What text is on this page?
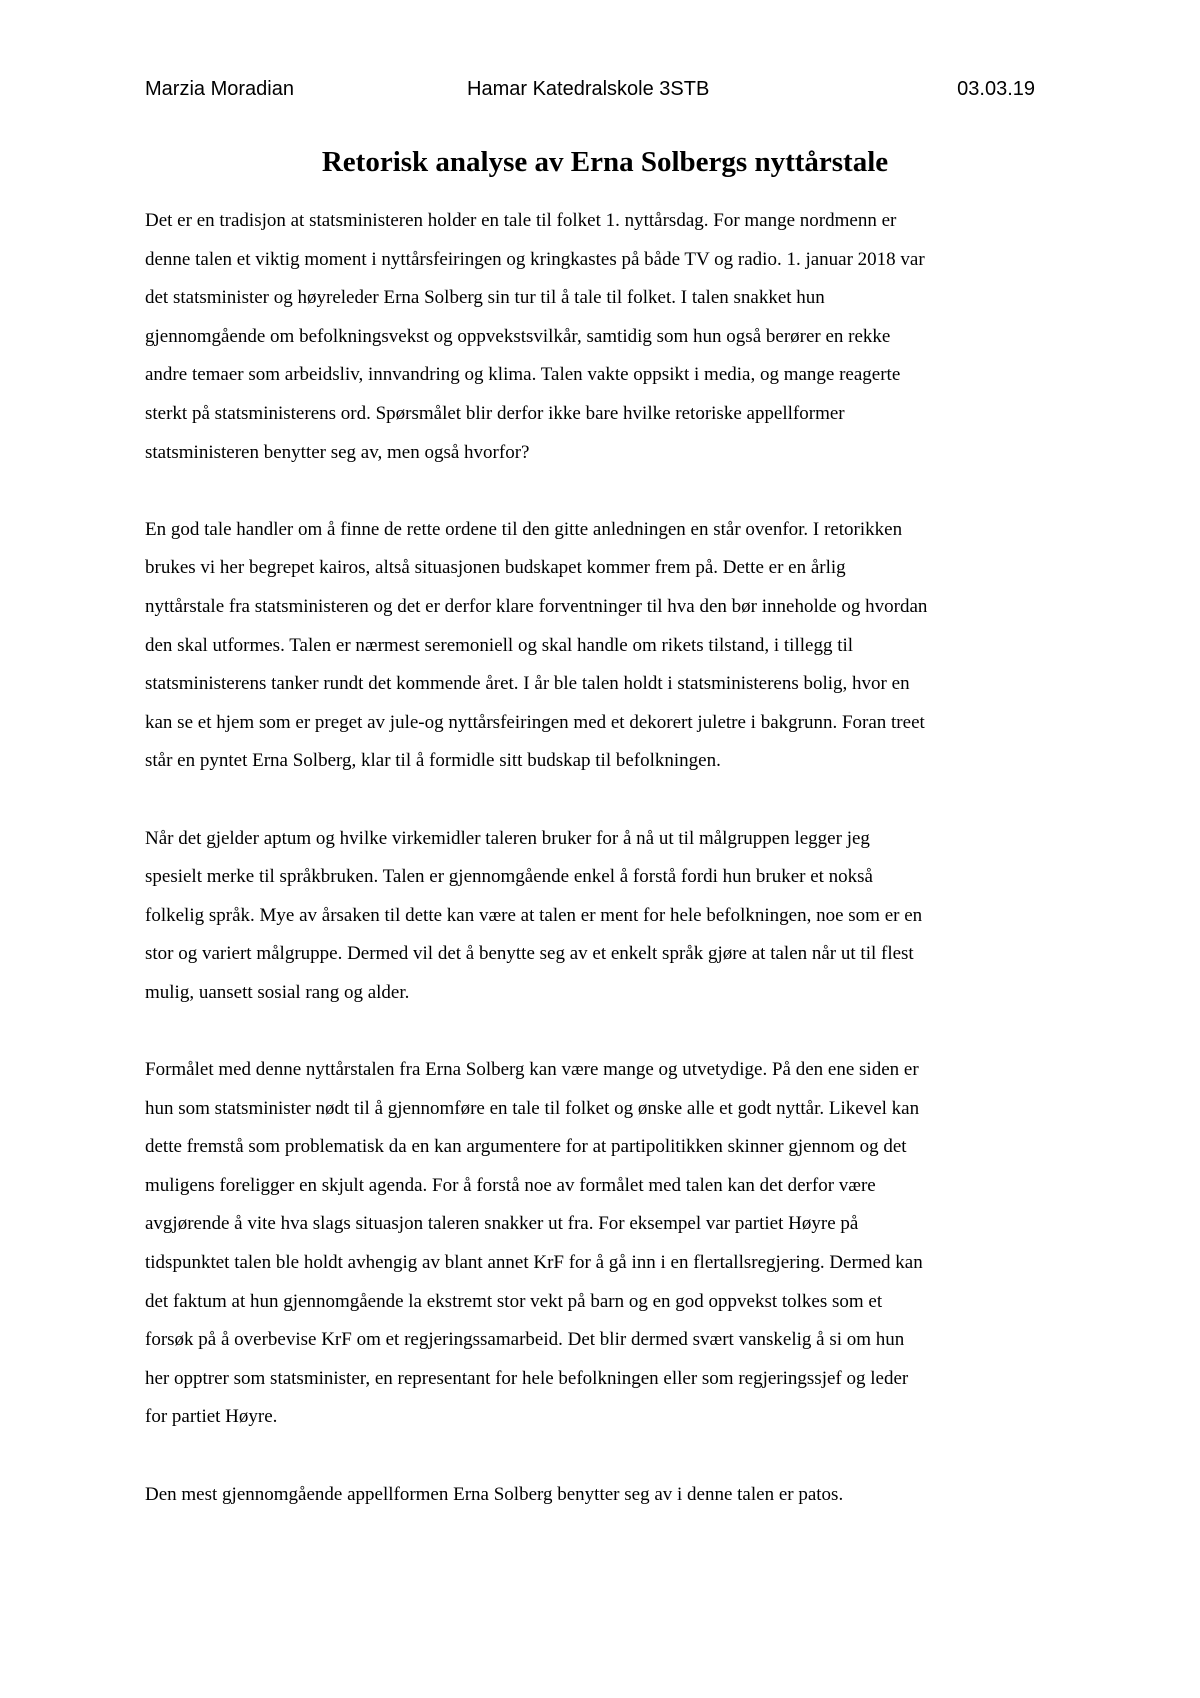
Marzia Moradian	Hamar Katedralskole 3STB	03.03.19
Retorisk analyse av Erna Solbergs nyttårstale

Det er en tradisjon at statsministeren holder en tale til folket 1. nyttårsdag. For mange nordmenn er
denne talen et viktig moment i nyttårsfeiringen og kringkastes på både TV og radio. 1. januar 2018 var
det statsminister og høyreleder Erna Solberg sin tur til å tale til folket. I talen snakket hun
gjennomgående om befolkningsvekst og oppvekstsvilkår, samtidig som hun også berører en rekke
andre temaer som arbeidsliv, innvandring og klima. Talen vakte oppsikt i media, og mange reagerte
sterkt på statsministerens ord. Spørsmålet blir derfor ikke bare hvilke retoriske appellformer
statsministeren benytter seg av, men også hvorfor?

En god tale handler om å finne de rette ordene til den gitte anledningen en står ovenfor. I retorikken
brukes vi her begrepet kairos, altså situasjonen budskapet kommer frem på. Dette er en årlig
nyttårstale fra statsministeren og det er derfor klare forventninger til hva den bør inneholde og hvordan
den skal utformes. Talen er nærmest seremoniell og skal handle om rikets tilstand, i tillegg til
statsministerens tanker rundt det kommende året. I år ble talen holdt i statsministerens bolig, hvor en
kan se et hjem som er preget av jule-og nyttårsfeiringen med et dekorert juletre i bakgrunn. Foran treet
står en pyntet Erna Solberg, klar til å formidle sitt budskap til befolkningen.

Når det gjelder aptum og hvilke virkemidler taleren bruker for å nå ut til målgruppen legger jeg
spesielt merke til språkbruken. Talen er gjennomgående enkel å forstå fordi hun bruker et nokså
folkelig språk. Mye av årsaken til dette kan være at talen er ment for hele befolkningen, noe som er en
stor og variert målgruppe. Dermed vil det å benytte seg av et enkelt språk gjøre at talen når ut til flest
mulig, uansett sosial rang og alder.

Formålet med denne nyttårstalen fra Erna Solberg kan være mange og utvetydige. På den ene siden er
hun som statsminister nødt til å gjennomføre en tale til folket og ønske alle et godt nyttår. Likevel kan
dette fremstå som problematisk da en kan argumentere for at partipolitikken skinner gjennom og det
muligens foreligger en skjult agenda. For å forstå noe av formålet med talen kan det derfor være
avgjørende å vite hva slags situasjon taleren snakker ut fra. For eksempel var partiet Høyre på
tidspunktet talen ble holdt avhengig av blant annet KrF for å gå inn i en flertallsregjering. Dermed kan
det faktum at hun gjennomgående la ekstremt stor vekt på barn og en god oppvekst tolkes som et
forsøk på å overbevise KrF om et regjeringssamarbeid. Det blir dermed svært vanskelig å si om hun
her opptrer som statsminister, en representant for hele befolkningen eller som regjeringssjef og leder
for partiet Høyre.

Den mest gjennomgående appellformen Erna Solberg benytter seg av i denne talen er patos.
